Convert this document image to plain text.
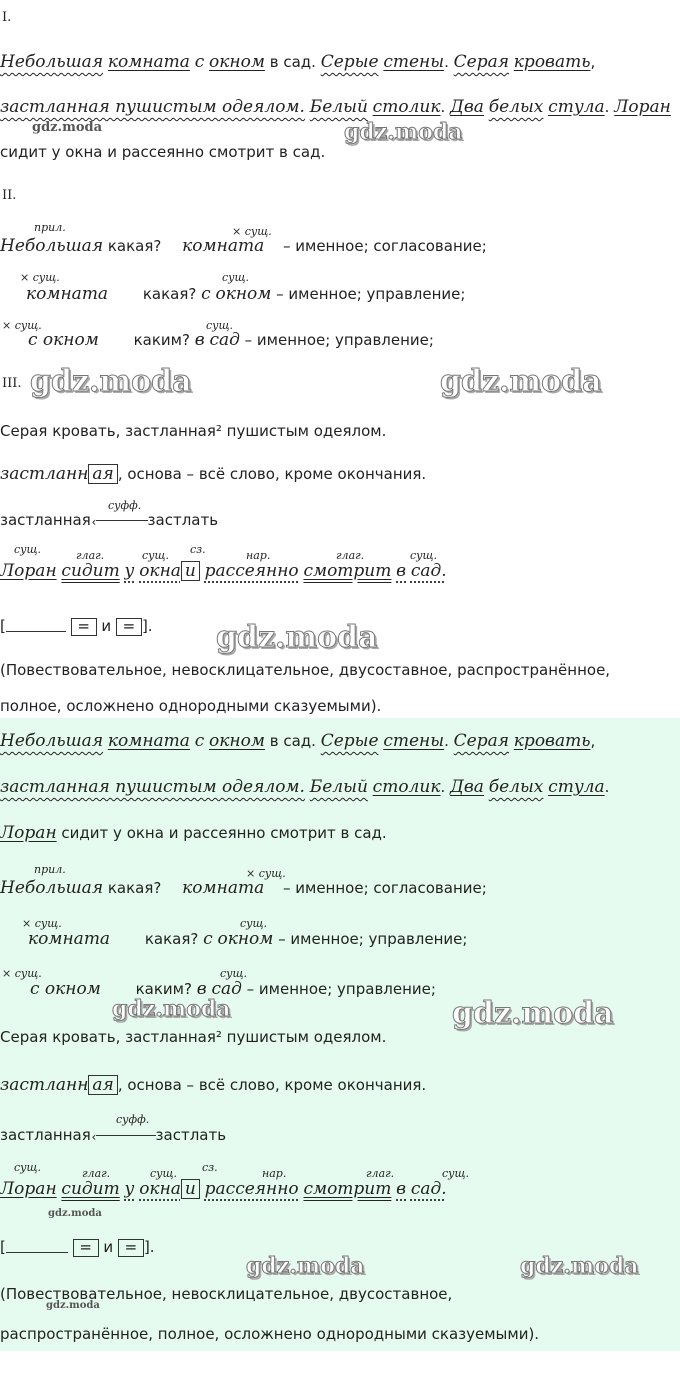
I.
Небольшая комната с окном в сад. Серые стены. Серая кровать,
застланная пушистым одеялом. Белый столик. Два белых стула. Лоран
сидит у окна и рассеянно смотрит в сад.
II.
прил.	× сущ.
Небольшая какая? комната – именное; согласование;
× сущ.	сущ.
комната какая? с окном – именное; управление;
× сущ.	сущ.
с окном каким? в сад – именное; управление;
III.
Серая кровать, застланная² пушистым одеялом.
застланн ая , основа – всё слово, кроме окончания.
суфф.
застланная ‹	застлать
сущ.	глаг.	сущ. сз.	нар.	глаг.	сущ.
Лоран сидит у окна и рассеянно смотрит в сад.
[	= и = ].
(Повествовательное, невосклицательное, двусоставное, распространённое,
полное, осложнено однородными сказуемыми).
Небольшая комната с окном в сад. Серые стены. Серая кровать,
застланная пушистым одеялом. Белый столик. Два белых стула.
Лоран сидит у окна и рассеянно смотрит в сад.
прил.	× сущ.
Небольшая какая? комната – именное; согласование;
× сущ.	сущ.
комната какая? с окном – именное; управление;
× сущ.	сущ.
с окном каким? в сад – именное; управление;
Серая кровать, застланная² пушистым одеялом.
застланн ая , основа – всё слово, кроме окончания.
суфф.
застланная ‹	застлать
сущ.	глаг.	сущ. сз.	нар.	глаг.	сущ.
Лоран сидит у окна и рассеянно смотрит в сад.
[	= и = ].
(Повествовательное, невосклицательное, двусоставное,
распространённое, полное, осложнено однородными сказуемыми).
gdz.moda	gdz.moda
gdz.moda	gdz.moda
gdz.moda
gdz.moda	gdz.moda
gdz.moda
gdz.moda	gdz.moda
gdz.moda
